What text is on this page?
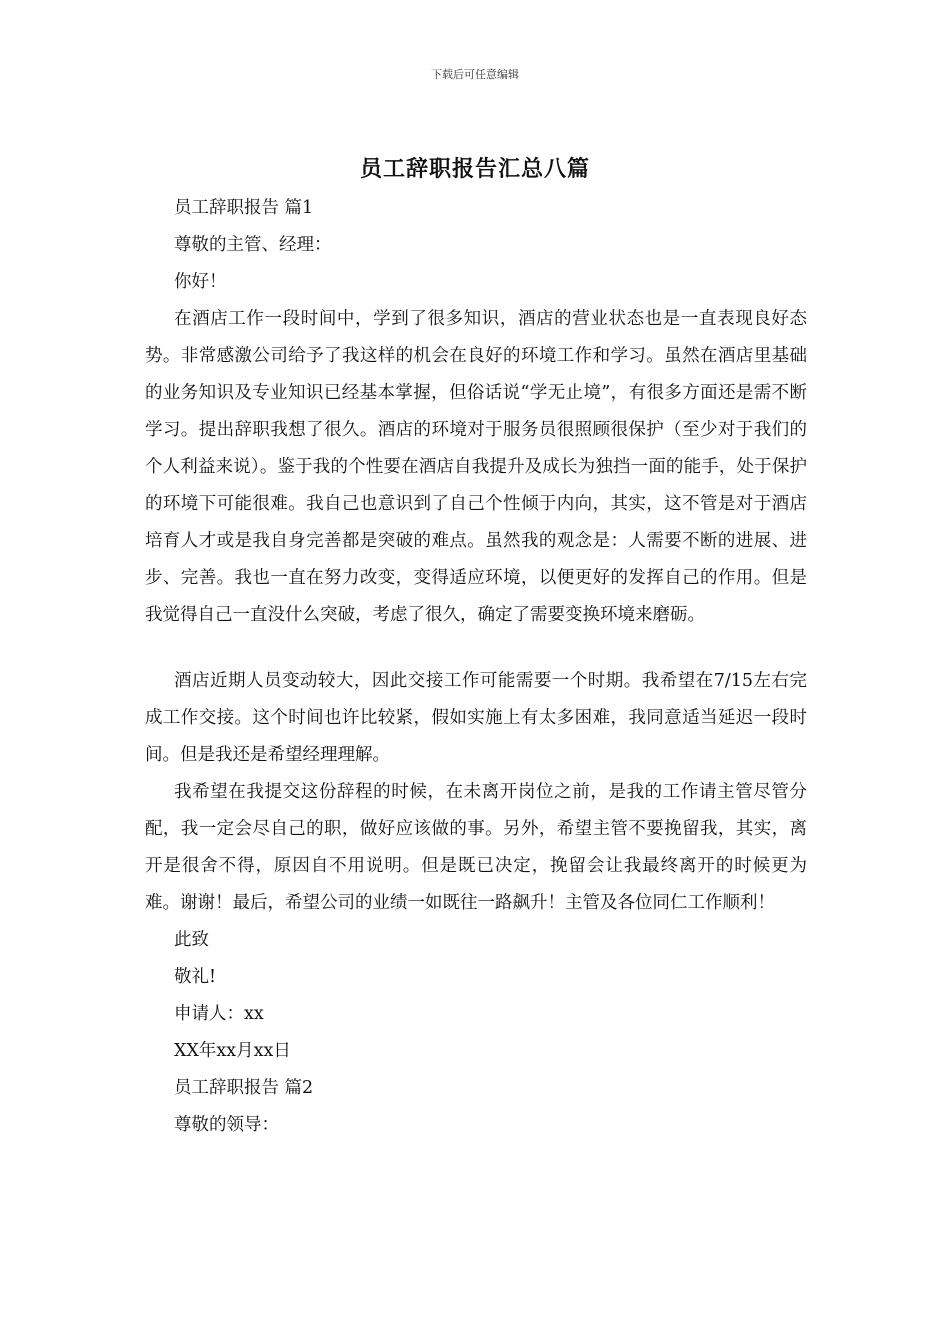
下载后可任意编辑
员工辞职报告汇总八篇

员工辞职报告 篇1

尊敬的主管、经理：

你好！

在酒店工作一段时间中，学到了很多知识，酒店的营业状态也是一直表现良好态势。非常感激公司给予了我这样的机会在良好的环境工作和学习。虽然在酒店里基础的业务知识及专业知识已经基本掌握，但俗话说“学无止境”，有很多方面还是需不断学习。提出辞职我想了很久。酒店的环境对于服务员很照顾很保护（至少对于我们的个人利益来说）。鉴于我的个性要在酒店自我提升及成长为独挡一面的能手，处于保护的环境下可能很难。我自己也意识到了自己个性倾于内向，其实，这不管是对于酒店培育人才或是我自身完善都是突破的难点。虽然我的观念是：人需要不断的进展、进步、完善。我也一直在努力改变，变得适应环境，以便更好的发挥自己的作用。但是我觉得自己一直没什么突破，考虑了很久，确定了需要变换环境来磨砺。

酒店近期人员变动较大，因此交接工作可能需要一个时期。我希望在7/15左右完成工作交接。这个时间也许比较紧，假如实施上有太多困难，我同意适当延迟一段时间。但是我还是希望经理理解。

我希望在我提交这份辞程的时候，在未离开岗位之前，是我的工作请主管尽管分配，我一定会尽自己的职，做好应该做的事。另外，希望主管不要挽留我，其实，离开是很舍不得，原因自不用说明。但是既已决定，挽留会让我最终离开的时候更为难。谢谢！最后，希望公司的业绩一如既往一路飙升！主管及各位同仁工作顺利！

此致

敬礼!

申请人：xx

XX年xx月xx日

员工辞职报告 篇2

尊敬的领导：
